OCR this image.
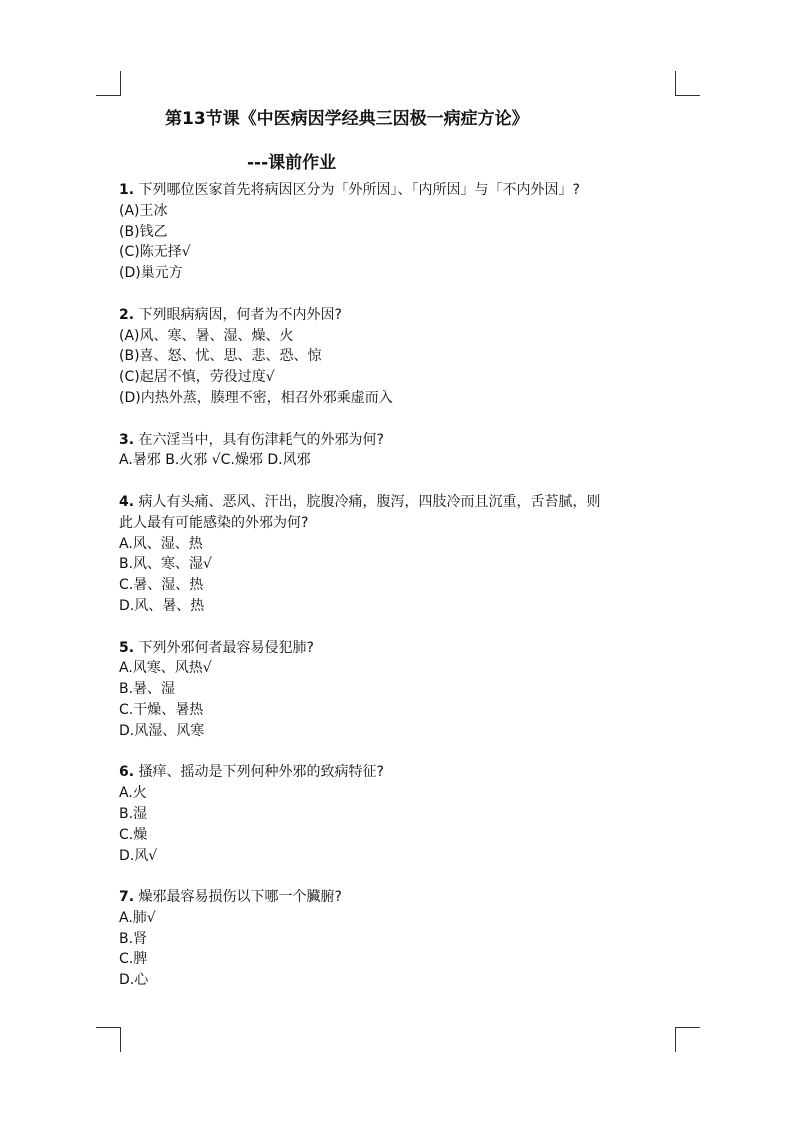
第13节课《中医病因学经典三因极一病症方论》
---课前作业
1. 下列哪位医家首先将病因区分为「外所因」、「内所因」与「不内外因」?
(A)王冰
(B)钱乙
(C)陈无择√
(D)巢元方
2. 下列眼病病因，何者为不内外因?
(A)风、寒、暑、湿、燥、火
(B)喜、怒、忧、思、悲、恐、惊
(C)起居不慎，劳役过度√
(D)内热外蒸，腠理不密，相召外邪乘虚而入
3. 在六淫当中，具有伤津耗气的外邪为何?
A.暑邪 B.火邪 √C.燥邪 D.风邪
4. 病人有头痛、恶风、汗出，脘腹冷痛，腹泻，四肢冷而且沉重，舌苔腻，则
此人最有可能感染的外邪为何?
A.风、湿、热
B.风、寒、湿√
C.暑、湿、热
D.风、暑、热
5. 下列外邪何者最容易侵犯肺?
A.风寒、风热√
B.暑、湿
C.干燥、暑热
D.风湿、风寒
6. 搔痒、摇动是下列何种外邪的致病特征?
A.火
B.湿
C.燥
D.风√
7. 燥邪最容易损伤以下哪一个臟腑?
A.肺√
B.肾
C.脾
D.心
